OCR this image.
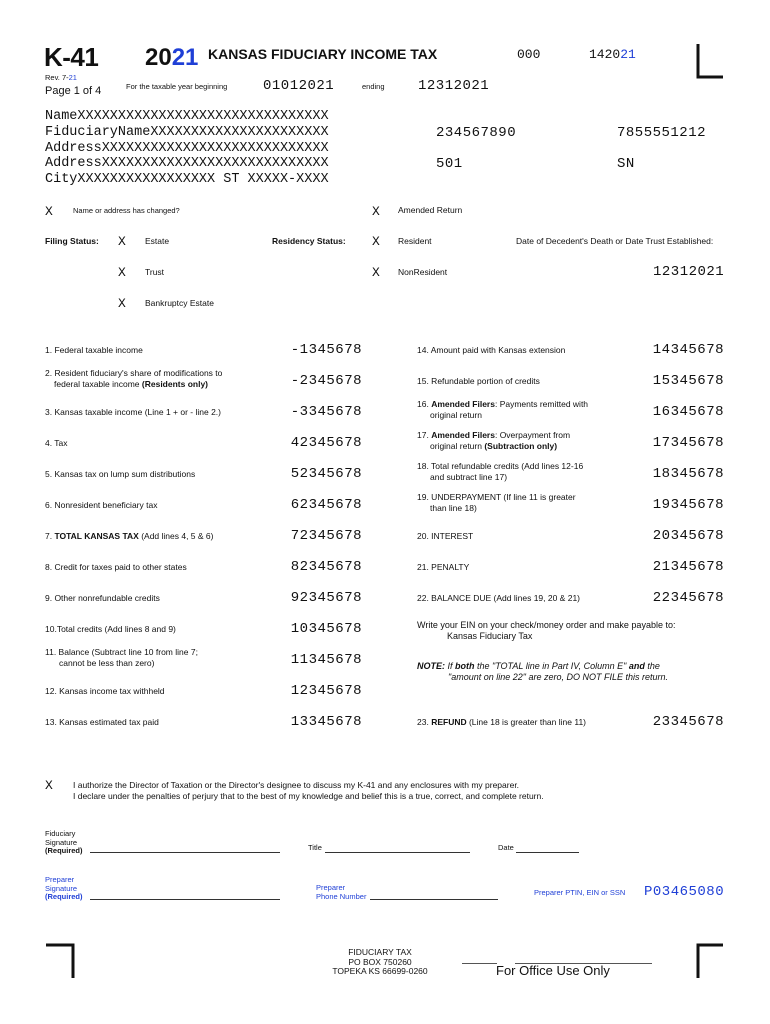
K-41 2021 KANSAS FIDUCIARY INCOME TAX	000	142021
Rev. 7-21
Page 1 of 4	For the taxable year beginning	01012021	ending 12312021
NameXXXXXXXXXXXXXXXXXXXXXXXXXXXXXXX
FiduciaryNameXXXXXXXXXXXXXXXXXXXXXX
AddressXXXXXXXXXXXXXXXXXXXXXXXXXXXX
AddressXXXXXXXXXXXXXXXXXXXXXXXXXXXX
CityXXXXXXXXXXXXXXXXX ST XXXXX-XXXX
234567890	7855551212
501	SN
X	Name or address has changed?	X Amended Return
Filing Status: X Estate	Residency Status: X Resident	Date of Decedent's Death or Date Trust Established:
X Trust	X NonResident	12312021
X Bankruptcy Estate
1. Federal taxable income	-1345678
2. Resident fiduciary's share of modifications to
federal taxable income (Residents only)	-2345678
3. Kansas taxable income (Line 1 + or - line 2.)	-3345678
4. Tax	42345678
5. Kansas tax on lump sum distributions	52345678
6. Nonresident beneficiary tax	62345678
7. TOTAL KANSAS TAX (Add lines 4, 5 & 6)	72345678
8. Credit for taxes paid to other states	82345678
9. Other nonrefundable credits	92345678
10.Total credits (Add lines 8 and 9)	10345678
11. Balance (Subtract line 10 from line 7;
cannot be less than zero)	11345678
12. Kansas income tax withheld	12345678
13. Kansas estimated tax paid	13345678
14. Amount paid with Kansas extension	14345678
15. Refundable portion of credits	15345678
16. Amended Filers: Payments remitted with
original return	16345678
17. Amended Filers: Overpayment from
original return (Subtraction only)	17345678
18. Total refundable credits (Add lines 12-16
and subtract line 17)	18345678
19. UNDERPAYMENT (If line 11 is greater
than line 18)	19345678
20. INTEREST	20345678
21. PENALTY	21345678
22. BALANCE DUE (Add lines 19, 20 & 21)	22345678
Write your EIN on your check/money order and make payable to:
Kansas Fiduciary Tax
NOTE: If both the "TOTAL line in Part IV, Column E" and the
"amount on line 22" are zero, DO NOT FILE this return.
23. REFUND (Line 18 is greater than line 11)	23345678
X I authorize the Director of Taxation or the Director's designee to discuss my K-41 and any enclosures with my preparer.
I declare under the penalties of perjury that to the best of my knowledge and belief this is a true, correct, and complete return.
Fiduciary
Signature
(Required)	Title	Date
Preparer
Signature
(Required)
Preparer
Phone Number	Preparer PTIN, EIN or SSN P03465080
FIDUCIARY TAX
PO BOX 750260
TOPEKA KS 66699-0260	For Office Use Only
